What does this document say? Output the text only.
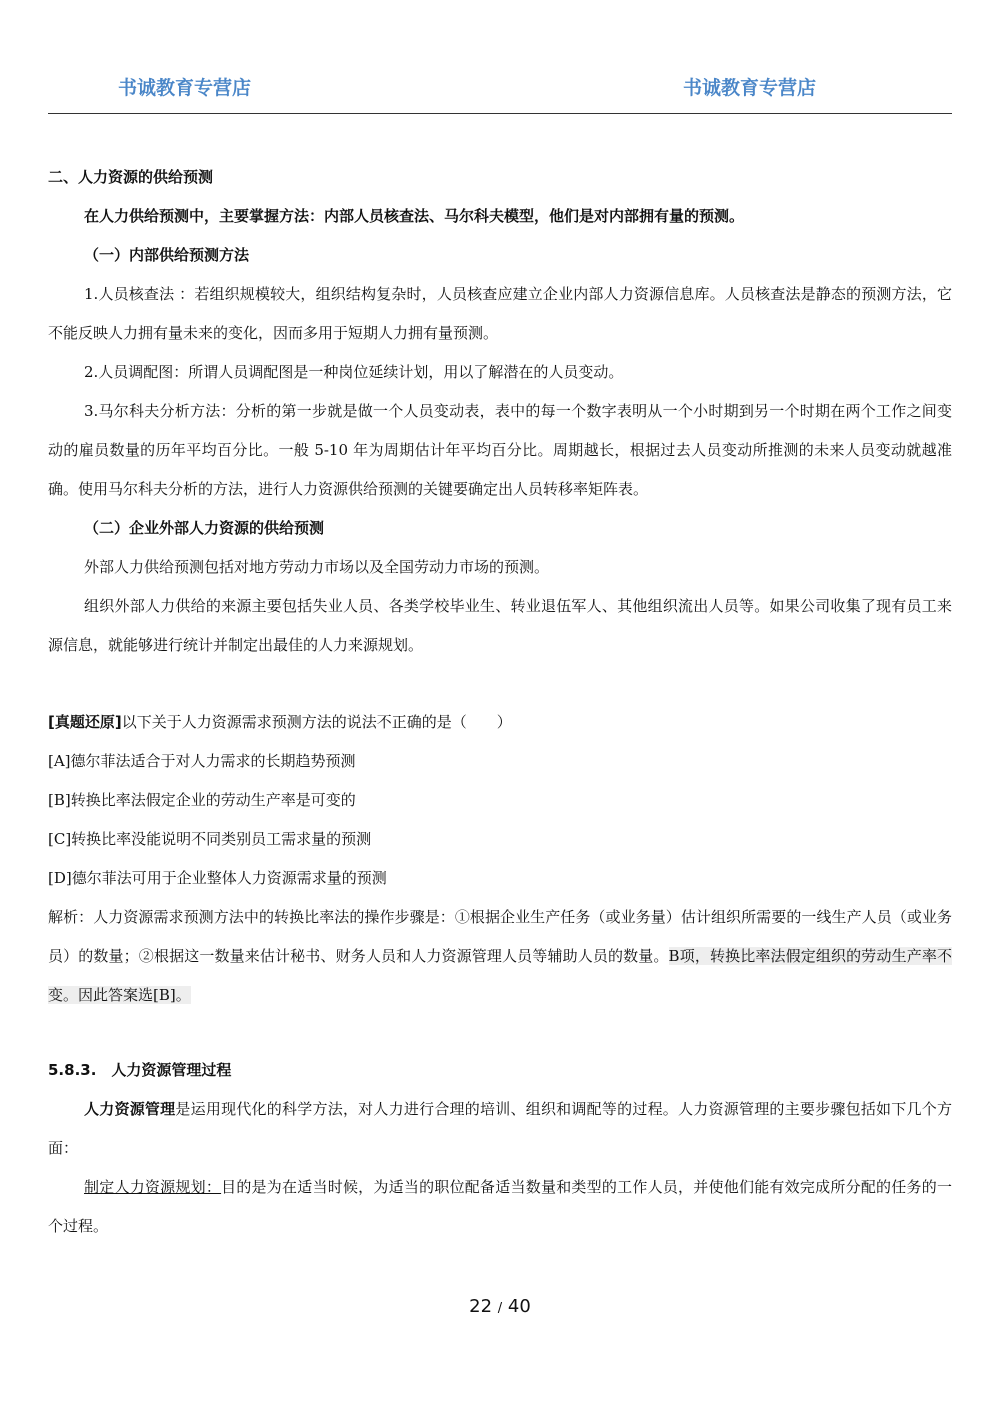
书诚教育专营店	书诚教育专营店

二、人力资源的供给预测

在人力供给预测中，主要掌握方法：内部人员核查法、马尔科夫模型，他们是对内部拥有量的预测。

（一）内部供给预测方法

1.人员核查法 ：若组织规模较大，组织结构复杂时，人员核查应建立企业内部人力资源信息库。人员核查法是静态的预测方法，它不能反映人力拥有量未来的变化，因而多用于短期人力拥有量预测。

2.人员调配图：所谓人员调配图是一种岗位延续计划，用以了解潜在的人员变动。

3.马尔科夫分析方法：分析的第一步就是做一个人员变动表，表中的每一个数字表明从一个小时期到另一个时期在两个工作之间变动的雇员数量的历年平均百分比。一般 5-10 年为周期估计年平均百分比。周期越长，根据过去人员变动所推测的未来人员变动就越准确。使用马尔科夫分析的方法，进行人力资源供给预测的关键要确定出人员转移率矩阵表。

（二）企业外部人力资源的供给预测

外部人力供给预测包括对地方劳动力市场以及全国劳动力市场的预测。

组织外部人力供给的来源主要包括失业人员、各类学校毕业生、转业退伍军人、其他组织流出人员等。如果公司收集了现有员工来源信息，就能够进行统计并制定出最佳的人力来源规划。

[真题还原]以下关于人力资源需求预测方法的说法不正确的是（　　）

[A]德尔菲法适合于对人力需求的长期趋势预测

[B]转换比率法假定企业的劳动生产率是可变的

[C]转换比率没能说明不同类别员工需求量的预测

[D]德尔菲法可用于企业整体人力资源需求量的预测

解析：人力资源需求预测方法中的转换比率法的操作步骤是：①根据企业生产任务（或业务量）估计组织所需要的一线生产人员（或业务员）的数量；②根据这一数量来估计秘书、财务人员和人力资源管理人员等辅助人员的数量。B项，转换比率法假定组织的劳动生产率不变。因此答案选[B]。

5.8.3.　人力资源管理过程

人力资源管理是运用现代化的科学方法，对人力进行合理的培训、组织和调配等的过程。人力资源管理的主要步骤包括如下几个方面：

制定人力资源规划：目的是为在适当时候，为适当的职位配备适当数量和类型的工作人员，并使他们能有效完成所分配的任务的一个过程。

22 / 40
